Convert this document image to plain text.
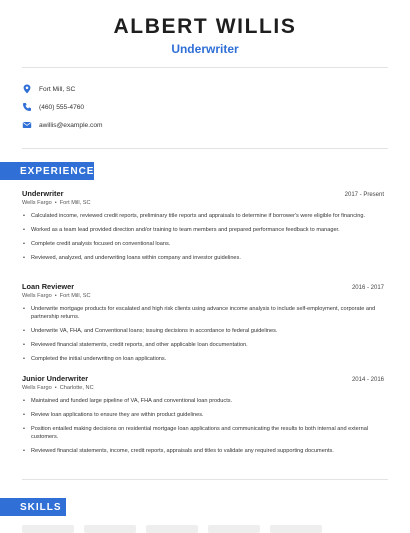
ALBERT WILLIS
Underwriter
Fort Mill, SC
(460) 555-4760
awillis@example.com
EXPERIENCE
Underwriter	2017 - Present
Wells Fargo • Fort Mill, SC
• Calculated income, reviewed credit reports, preliminary title reports and appraisals to determine if borrower's were eligible for financing.
• Worked as a team lead provided direction and/or training to team members and prepared performance feedback to manager.
• Complete credit analysis focused on conventional loans.
• Reviewed, analyzed, and underwriting loans within company and investor guidelines.
Loan Reviewer	2016 - 2017
Wells Fargo • Fort Mill, SC
• Underwrite mortgage products for escalated and high risk clients using advance income analysis to include self-employment, corporate and partnership returns.
• Underwrite VA, FHA, and Conventional loans; issuing decisions in accordance to federal guidelines.
• Reviewed financial statements, credit reports, and other applicable loan documentation.
• Completed the initial underwriting on loan applications.
Junior Underwriter	2014 - 2016
Wells Fargo • Charlotte, NC
• Maintained and funded large pipeline of VA, FHA and conventional loan products.
• Review loan applications to ensure they are within product guidelines.
• Position entailed making decisions on residential mortgage loan applications and communicating the results to both internal and external customers.
• Reviewed financial statements, income, credit reports, appraisals and titles to validate any required supporting documents.
SKILLS
